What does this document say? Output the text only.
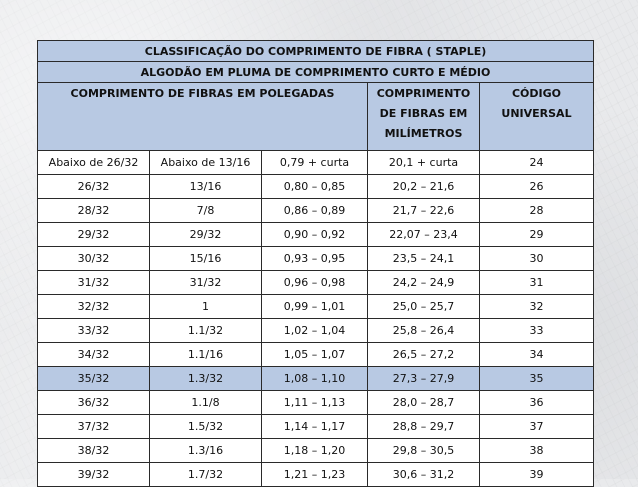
CLASSIFICAÇÃO DO COMPRIMENTO DE FIBRA ( STAPLE)				
ALGODÃO EM PLUMA DE COMPRIMENTO CURTO E MÉDIO				
COMPRIMENTO DE FIBRAS EM POLEGADAS			COMPRIMENTO DE FIBRAS EM MILÍMETROS	CÓDIGO UNIVERSAL
Abaixo de 26/32	Abaixo de 13/16	0,79 + curta	20,1 + curta	24
26/32	13/16	0,80 – 0,85	20,2 – 21,6	26
28/32	7/8	0,86 – 0,89	21,7 – 22,6	28
29/32	29/32	0,90 – 0,92	22,07 – 23,4	29
30/32	15/16	0,93 – 0,95	23,5 – 24,1	30
31/32	31/32	0,96 – 0,98	24,2 – 24,9	31
32/32	1	0,99 – 1,01	25,0 – 25,7	32
33/32	1.1/32	1,02 – 1,04	25,8 – 26,4	33
34/32	1.1/16	1,05 – 1,07	26,5 – 27,2	34
35/32	1.3/32	1,08 – 1,10	27,3 – 27,9	35
36/32	1.1/8	1,11 – 1,13	28,0 – 28,7	36
37/32	1.5/32	1,14 – 1,17	28,8 – 29,7	37
38/32	1.3/16	1,18 – 1,20	29,8 – 30,5	38
39/32	1.7/32	1,21 – 1,23	30,6 – 31,2	39
